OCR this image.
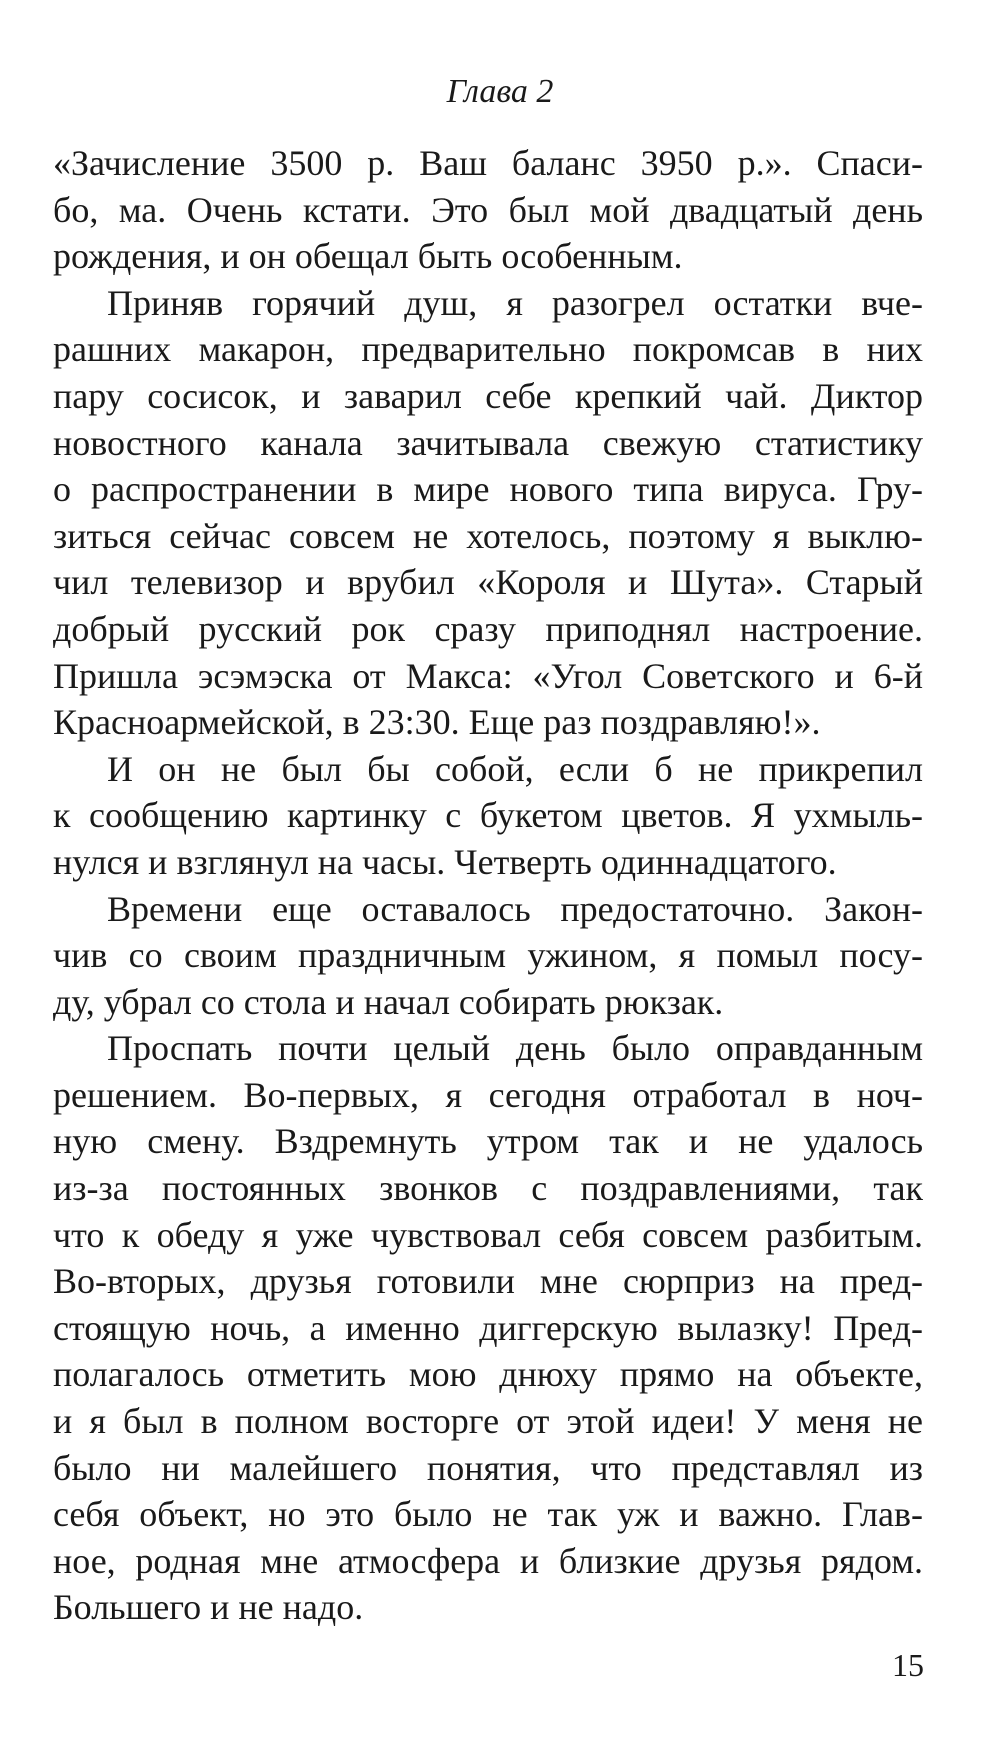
Глава 2
«Зачисление 3500 р. Ваш баланс 3950 р.». Спаси-
бо, ма. Очень кстати. Это был мой двадцатый день
рождения, и он обещал быть особенным.
Приняв горячий душ, я разогрел остатки вче-
рашних макарон, предварительно покромсав в них
пару сосисок, и заварил себе крепкий чай. Диктор
новостного канала зачитывала свежую статистику
о распространении в мире нового типа вируса. Гру-
зиться сейчас совсем не хотелось, поэтому я выклю-
чил телевизор и врубил «Короля и Шута». Старый
добрый русский рок сразу приподнял настроение.
Пришла эсэмэска от Макса: «Угол Советского и 6-й
Красноармейской, в 23:30. Еще раз поздравляю!».
И он не был бы собой, если б не прикрепил
к сообщению картинку с букетом цветов. Я ухмыль-
нулся и взглянул на часы. Четверть одиннадцатого.
Времени еще оставалось предостаточно. Закон-
чив со своим праздничным ужином, я помыл посу-
ду, убрал со стола и начал собирать рюкзак.
Проспать почти целый день было оправданным
решением. Во-первых, я сегодня отработал в ноч-
ную смену. Вздремнуть утром так и не удалось
из-за постоянных звонков с поздравлениями, так
что к обеду я уже чувствовал себя совсем разбитым.
Во-вторых, друзья готовили мне сюрприз на пред-
стоящую ночь, а именно диггерскую вылазку! Пред-
полагалось отметить мою днюху прямо на объекте,
и я был в полном восторге от этой идеи! У меня не
было ни малейшего понятия, что представлял из
себя объект, но это было не так уж и важно. Глав-
ное, родная мне атмосфера и близкие друзья рядом.
Большего и не надо.
15
